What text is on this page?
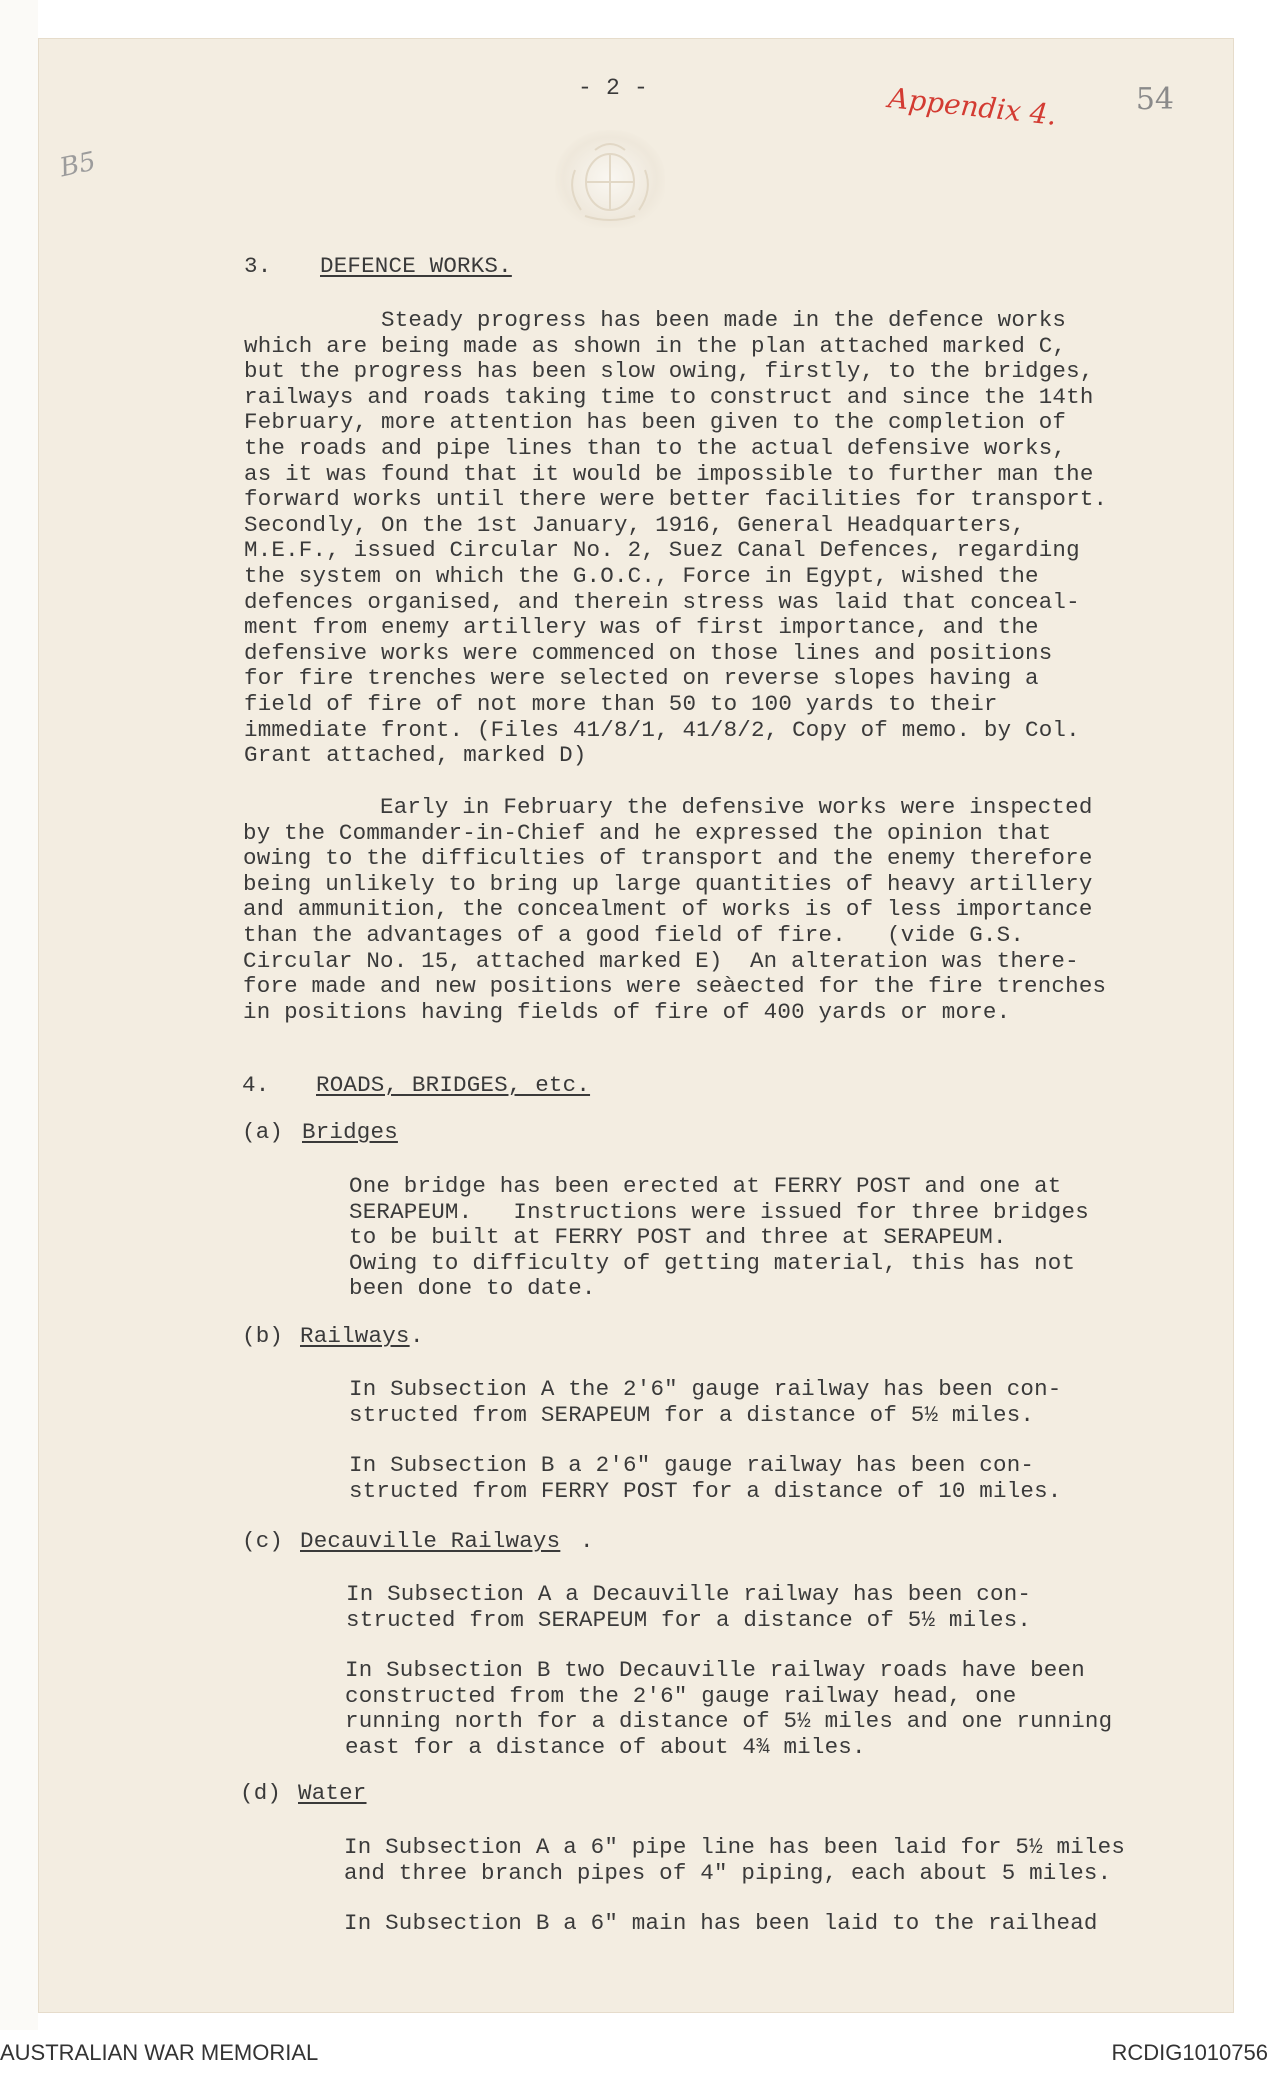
- 2 -	54
Appendix 4.
B5
3. DEFENCE WORKS.
Steady progress has been made in the defence works
which are being made as shown in the plan attached marked C,
but the progress has been slow owing, firstly, to the bridges,
railways and roads taking time to construct and since the 14th
February, more attention has been given to the completion of
the roads and pipe lines than to the actual defensive works,
as it was found that it would be impossible to further man the
forward works until there were better facilities for transport.
Secondly, On the 1st January, 1916, General Headquarters,
M.E.F., issued Circular No. 2, Suez Canal Defences, regarding
the system on which the G.O.C., Force in Egypt, wished the
defences organised, and therein stress was laid that conceal-
ment from enemy artillery was of first importance, and the
defensive works were commenced on those lines and positions
for fire trenches were selected on reverse slopes having a
field of fire of not more than 50 to 100 yards to their
immediate front. (Files 41/8/1, 41/8/2, Copy of memo. by Col.
Grant attached, marked D)
Early in February the defensive works were inspected
by the Commander-in-Chief and he expressed the opinion that
owing to the difficulties of transport and the enemy therefore
being unlikely to bring up large quantities of heavy artillery
and ammunition, the concealment of works is of less importance
than the advantages of a good field of fire.   (vide G.S.
Circular No. 15, attached marked E)  An alteration was there-
fore made and new positions were seàected for the fire trenches
in positions having fields of fire of 400 yards or more.
4. ROADS, BRIDGES, etc.
(a) Bridges
One bridge has been erected at FERRY POST and one at
SERAPEUM.   Instructions were issued for three bridges
to be built at FERRY POST and three at SERAPEUM.
Owing to difficulty of getting material, this has not
been done to date.
(b) Railways .
In Subsection A the 2'6" gauge railway has been con-
structed from SERAPEUM for a distance of 5½ miles.
In Subsection B a 2'6" gauge railway has been con-
structed from FERRY POST for a distance of 10 miles.
(c) Decauville Railways .
In Subsection A a Decauville railway has been con-
structed from SERAPEUM for a distance of 5½ miles.
In Subsection B two Decauville railway roads have been
constructed from the 2'6" gauge railway head, one
running north for a distance of 5½ miles and one running
east for a distance of about 4¾ miles.
(d) Water
In Subsection A a 6" pipe line has been laid for 5½ miles
and three branch pipes of 4" piping, each about 5 miles.
In Subsection B a 6" main has been laid to the railhead
AUSTRALIAN WAR MEMORIAL	RCDIG1010756
